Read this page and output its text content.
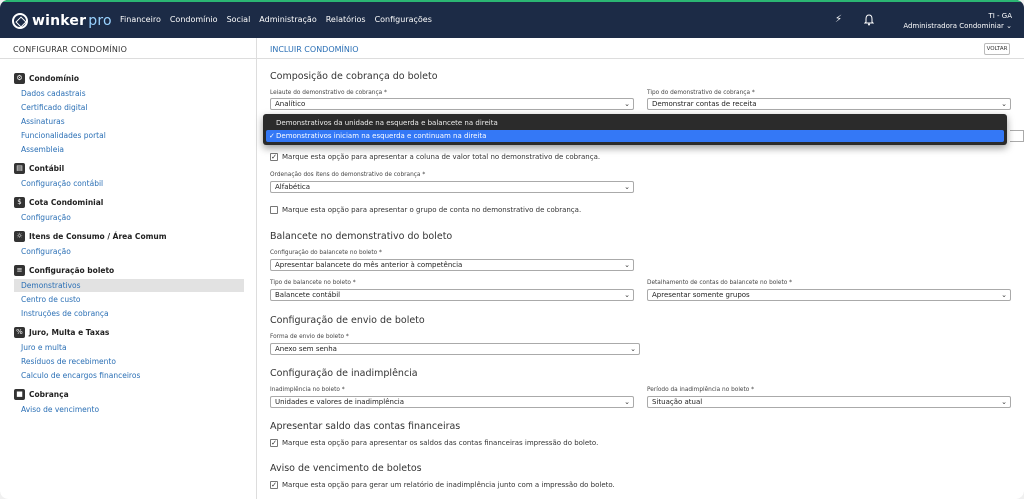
winker pro Financeiro Condomínio Social Administração Relatórios Configurações	⚡	TI - GA
Administradora Condominiar ⌄
CONFIGURAR CONDOMÍNIO
⚙ Condomínio
Dados cadastrais
Certificado digital
Assinaturas
Funcionalidades portal
Assembleia
▤ Contábil
Configuração contábil
$ Cota Condominial
Configuração
☼ Itens de Consumo / Área Comum
Configuração
≡ Configuração boleto
Demonstrativos
Centro de custo
Instruções de cobrança
% Juro, Multa e Taxas
Juro e multa
Resíduos de recebimento
Calculo de encargos financeiros
■ Cobrança
Aviso de vencimento
INCLUIR CONDOMÍNIO	VOLTAR
Composição de cobrança do boleto
Leiaute do demonstrativo de cobrança *
Analítico	⌄
Tipo do demonstrativo de cobrança *
Demonstrar contas de receita	⌄
✓ Marque esta opção para apresentar a coluna de valor total no demonstrativo de cobrança.
Ordenação dos itens do demonstrativo de cobrança *
Alfabética	⌄
Marque esta opção para apresentar o grupo de conta no demonstrativo de cobrança.
Balancete no demonstrativo do boleto
Configuração do balancete no boleto *
Apresentar balancete do mês anterior à competência	⌄
Tipo de balancete no boleto *
Balancete contábil	⌄
Detalhamento de contas do balancete no boleto *
Apresentar somente grupos	⌄
Configuração de envio de boleto
Forma de envio de boleto *
Anexo sem senha	⌄
Configuração de inadimplência
Inadimplência no boleto *
Unidades e valores de inadimplência	⌄
Período da inadimplência no boleto *
Situação atual	⌄
Apresentar saldo das contas financeiras
✓ Marque esta opção para apresentar os saldos das contas financeiras impressão do boleto.
Aviso de vencimento de boletos
✓ Marque esta opção para gerar um relatório de inadimplência junto com a impressão do boleto.
Demonstrativos da unidade na esquerda e balancete na direita
✓ Demonstrativos iniciam na esquerda e continuam na direita
